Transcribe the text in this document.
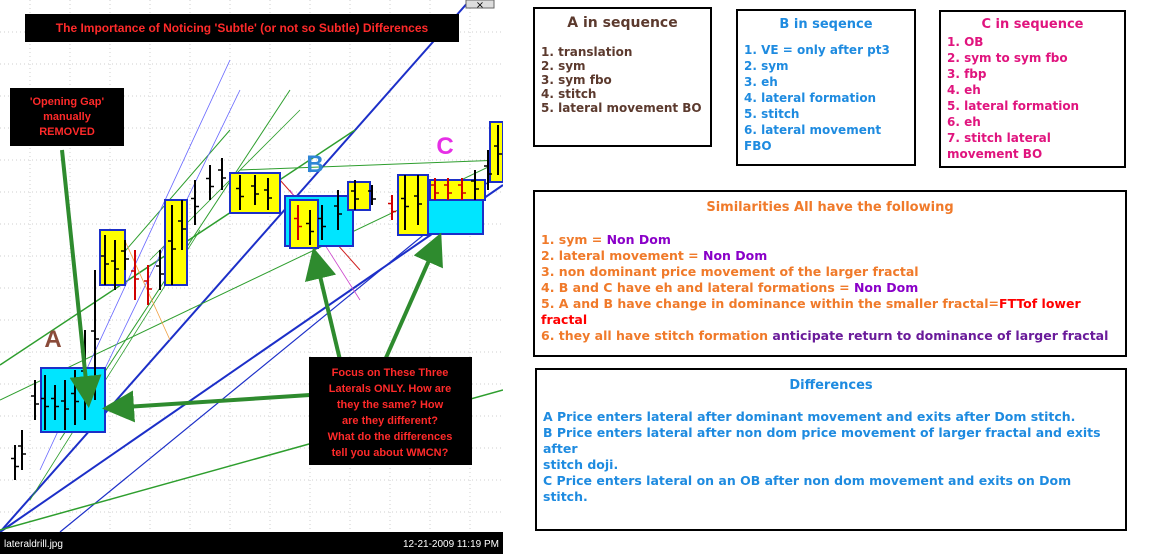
The Importance of Noticing 'Subtle' (or not so Subtle) Differences
×
'Opening Gap'
manually
REMOVED
Focus on These Three
Laterals ONLY. How are
they the same? How
are they different?
What do the differences
tell you about WMCN?
A
B
C
lateraldrill.jpg	12-21-2009 11:19 PM
A in sequence
1. translation
2. sym
3. sym fbo
4. stitch
5. lateral movement BO
B in seqence
1. VE = only after pt3
2. sym
3. eh
4. lateral formation
5. stitch
6. lateral movement FBO
C in sequence
1. OB
2. sym to sym fbo
3. fbp
4. eh
5. lateral formation
6. eh
7. stitch lateral
movement BO
Similarities All have the following
1. sym = Non Dom
2. lateral movement = Non Dom
3. non dominant price movement of the larger fractal
4. B and C have eh and lateral formations = Non Dom
5. A and B have change in dominance within the smaller fractal=FTTof lower fractal
6. they all have stitch formation anticipate return to dominance of larger fractal
Differences
A Price enters lateral after dominant movement and exits after Dom stitch.
B Price enters lateral after non dom price movement of larger fractal and exits after
stitch doji.
C Price enters lateral on an OB after non dom movement and exits on Dom stitch.
